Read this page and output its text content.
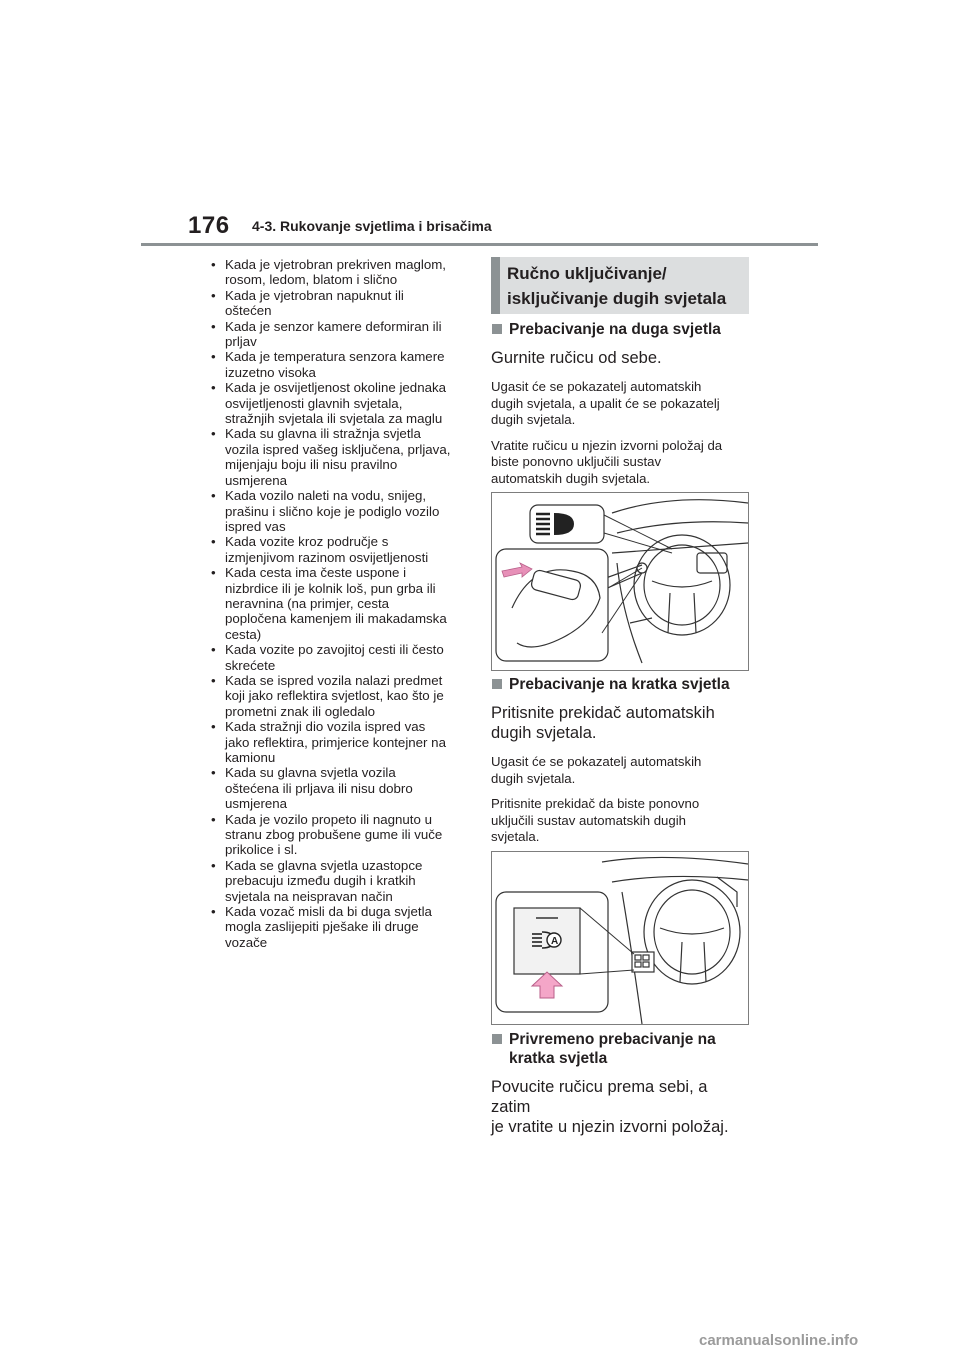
176 4-3. Rukovanje svjetlima i brisačima
• Kada je vjetrobran prekriven maglom,
rosom, ledom, blatom i slično
• Kada je vjetrobran napuknut ili
oštećen
• Kada je senzor kamere deformiran ili
prljav
• Kada je temperatura senzora kamere
izuzetno visoka
• Kada je osvijetljenost okoline jednaka
osvijetljenosti glavnih svjetala,
stražnjih svjetala ili svjetala za maglu
• Kada su glavna ili stražnja svjetla
vozila ispred vašeg isključena, prljava,
mijenjaju boju ili nisu pravilno
usmjerena
• Kada vozilo naleti na vodu, snijeg,
prašinu i slično koje je podiglo vozilo
ispred vas
• Kada vozite kroz područje s
izmjenjivom razinom osvijetljenosti
• Kada cesta ima česte uspone i
nizbrdice ili je kolnik loš, pun grba ili
neravnina (na primjer, cesta
popločena kamenjem ili makadamska
cesta)
• Kada vozite po zavojitoj cesti ili često
skrećete
• Kada se ispred vozila nalazi predmet
koji jako reflektira svjetlost, kao što je
prometni znak ili ogledalo
• Kada stražnji dio vozila ispred vas
jako reflektira, primjerice kontejner na
kamionu
• Kada su glavna svjetla vozila
oštećena ili prljava ili nisu dobro
usmjerena
• Kada je vozilo propeto ili nagnuto u
stranu zbog probušene gume ili vuče
prikolice i sl.
• Kada se glavna svjetla uzastopce
prebacuju između dugih i kratkih
svjetala na neispravan način
• Kada vozač misli da bi duga svjetla
mogla zaslijepiti pješake ili druge
vozače
Ručno uključivanje/
isključivanje dugih svjetala
Prebacivanje na duga svjetla
Gurnite ručicu od sebe.
Ugasit će se pokazatelj automatskih
dugih svjetala, a upalit će se pokazatelj
dugih svjetala.
Vratite ručicu u njezin izvorni položaj da
biste ponovno uključili sustav
automatskih dugih svjetala.
Prebacivanje na kratka svjetla
Pritisnite prekidač automatskih
dugih svjetala.
Ugasit će se pokazatelj automatskih
dugih svjetala.
Pritisnite prekidač da biste ponovno
uključili sustav automatskih dugih
svjetala.
A
Privremeno prebacivanje na
kratka svjetla
Povucite ručicu prema sebi, a zatim
je vratite u njezin izvorni položaj.
carmanualsonline.info
